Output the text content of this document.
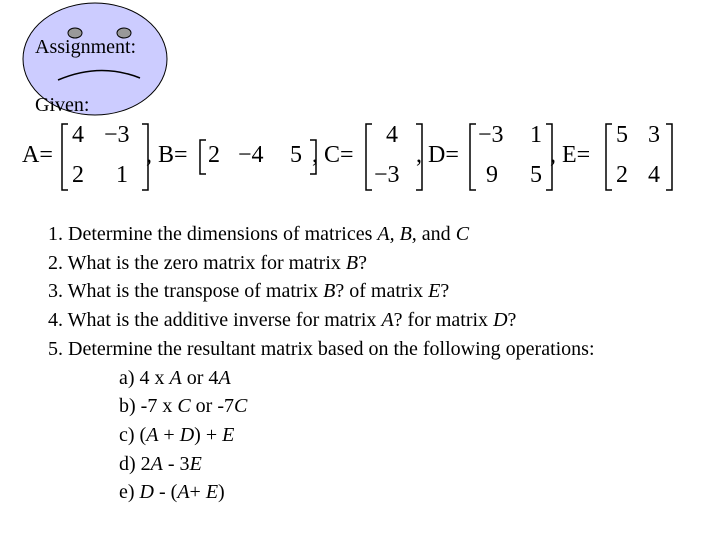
Assignment:
Given:
A=
4 −3
2 1
, B= 2 −4 5 , C=
4
−3
, D=
−3 1
9 5
, E=
5 3
2 4
1. Determine the dimensions of matrices A, B, and C
2. What is the zero matrix for matrix B?
3. What is the transpose of matrix B? of matrix E?
4. What is the additive inverse for matrix A? for matrix D?
5. Determine the resultant matrix based on the following operations:
a) 4 x A or 4A
b) -7 x C or -7C
c) (A + D) + E
d) 2A - 3E
e) D - (A+ E)
